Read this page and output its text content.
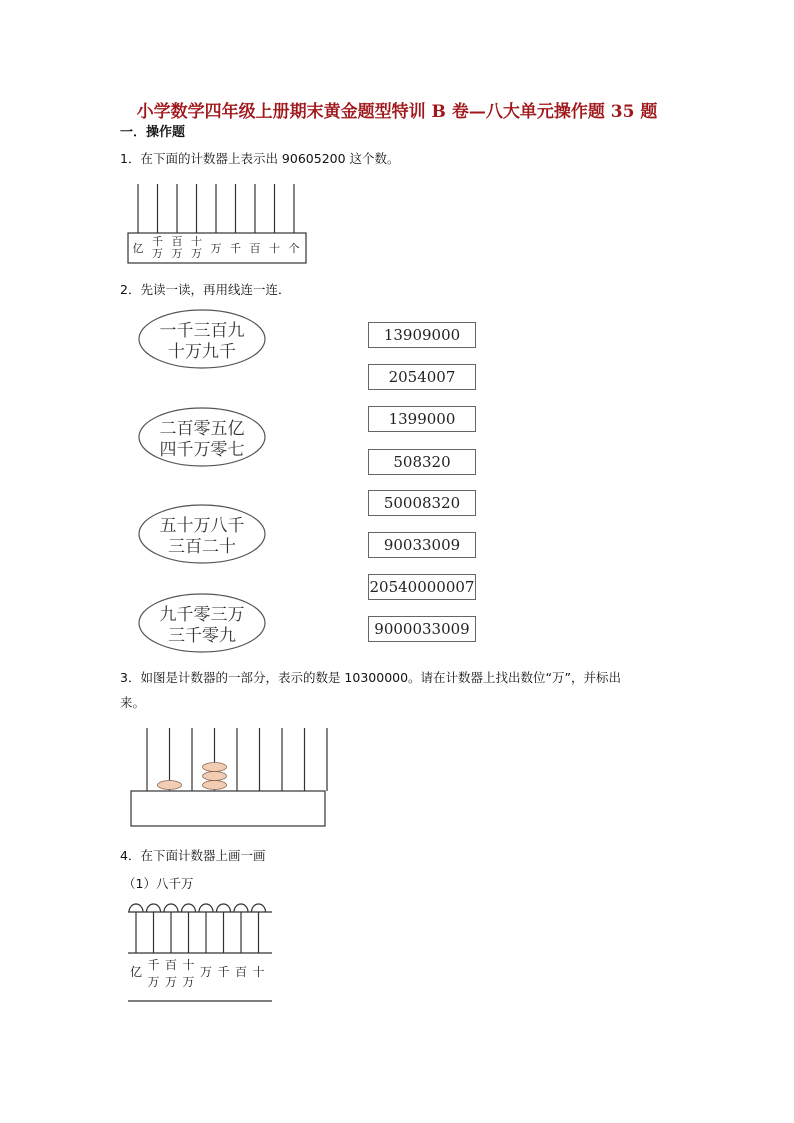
小学数学四年级上册期末黄金题型特训 B 卷—八大单元操作题 35 题
一．操作题
1．在下面的计数器上表示出 90605200 这个数。
亿
千
万
百
万
十
万 万 千 百 十 个
2．先读一读，再用线连一连．
一千三百九
十万九千
二百零五亿
四千万零七
五十万八千
三百二十
九千零三万
三千零九
13909000
2054007
1399000
508320
50008320
90033009
20540000007
9000033009
3．如图是计数器的一部分，表示的数是 10300000。请在计数器上找出数位“万”，并标出
来。
4．在下面计数器上画一画
（1）八千万
亿 千
万
百
万
十
万
万 千 百 十
